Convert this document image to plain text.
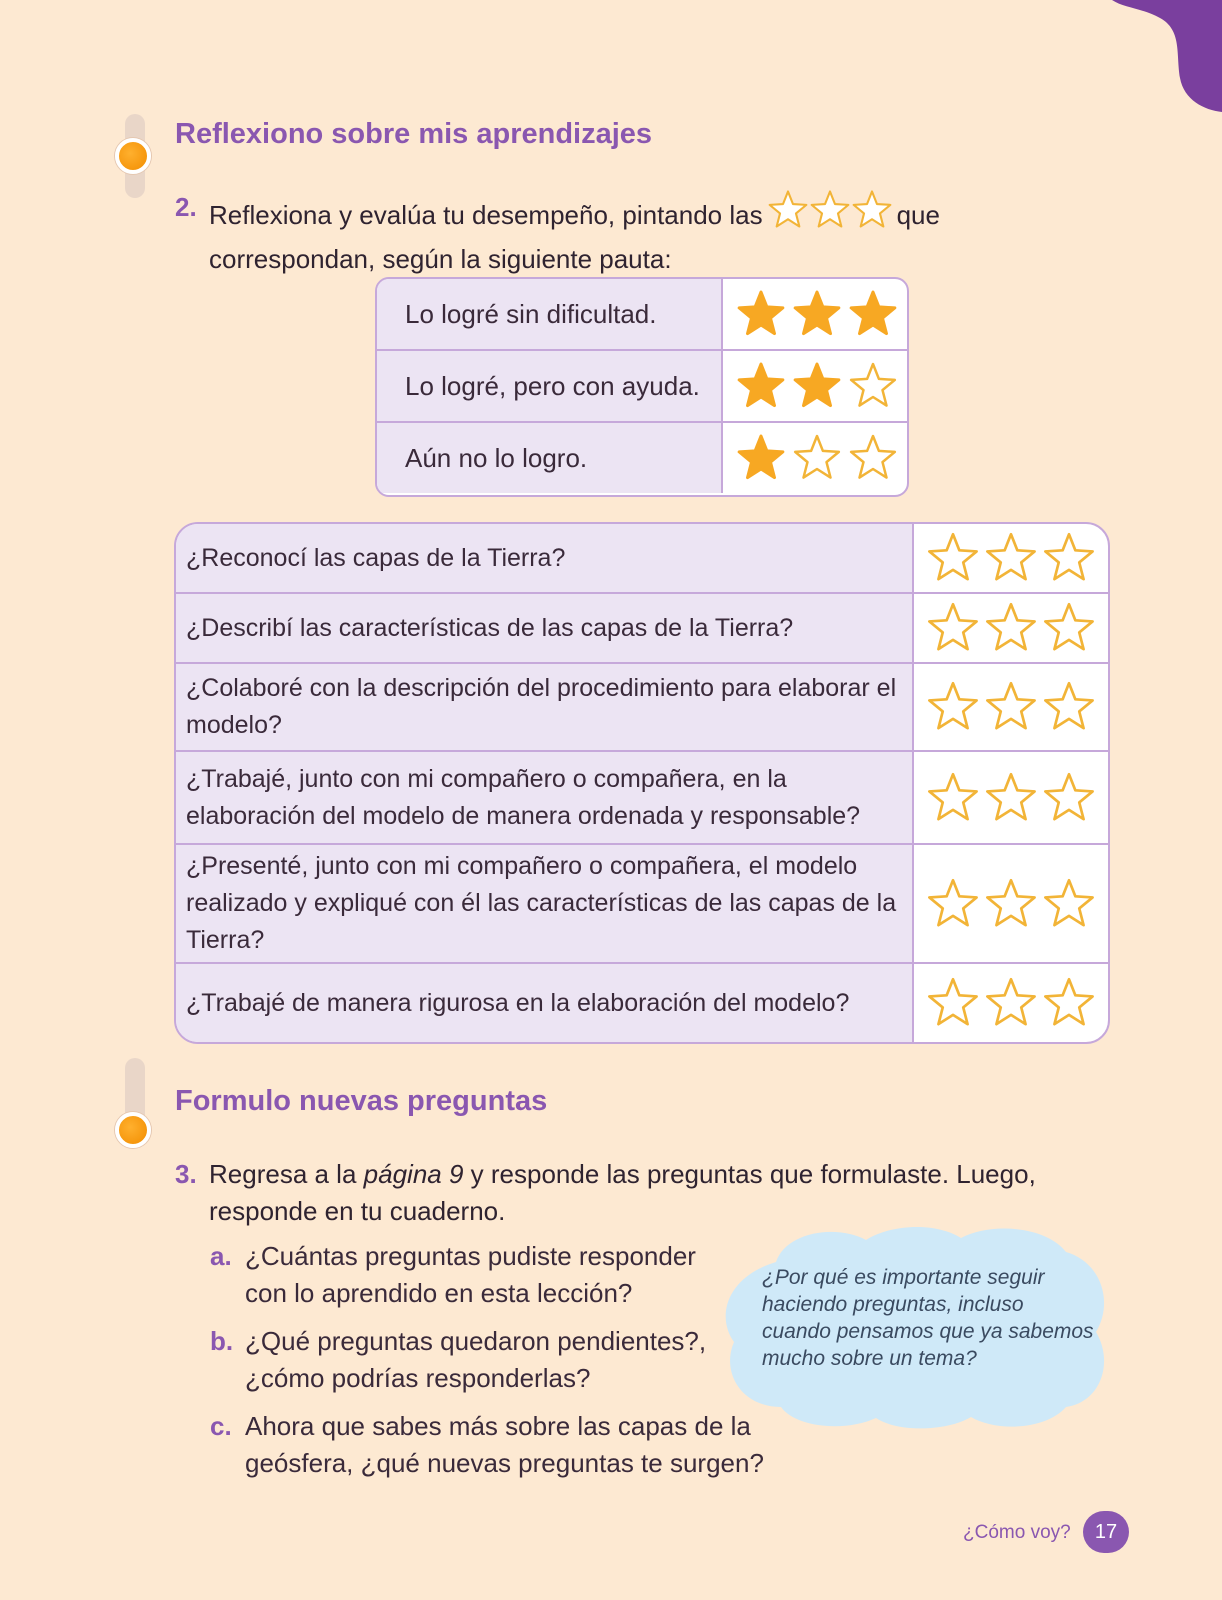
Reflexiono sobre mis aprendizajes
2. Reflexiona y evalúa tu desempeño, pintando las	que
correspondan, según la siguiente pauta:

Lo logré sin dificultad.
Lo logré, pero con ayuda.
Aún no lo logro.
¿Reconocí las capas de la Tierra?
¿Describí las características de las capas de la Tierra?
¿Colaboré con la descripción del procedimiento para elaborar el modelo?
¿Trabajé, junto con mi compañero o compañera, en la elaboración del modelo de manera ordenada y responsable?
¿Presenté, junto con mi compañero o compañera, el modelo realizado y expliqué con él las características de las capas de la Tierra?
¿Trabajé de manera rigurosa en la elaboración del modelo?
Formulo nuevas preguntas
3. Regresa a la página 9 y responde las preguntas que formulaste. Luego,
responde en tu cuaderno.

a. ¿Cuántas preguntas pudiste responder con lo aprendido en esta lección?
b. ¿Qué preguntas quedaron pendientes?, ¿cómo podrías responderlas?
c. Ahora que sabes más sobre las capas de la geósfera, ¿qué nuevas preguntas te surgen?
¿Por qué es importante seguir haciendo preguntas, incluso cuando pensamos que ya sabemos mucho sobre un tema?
¿Cómo voy?	17
